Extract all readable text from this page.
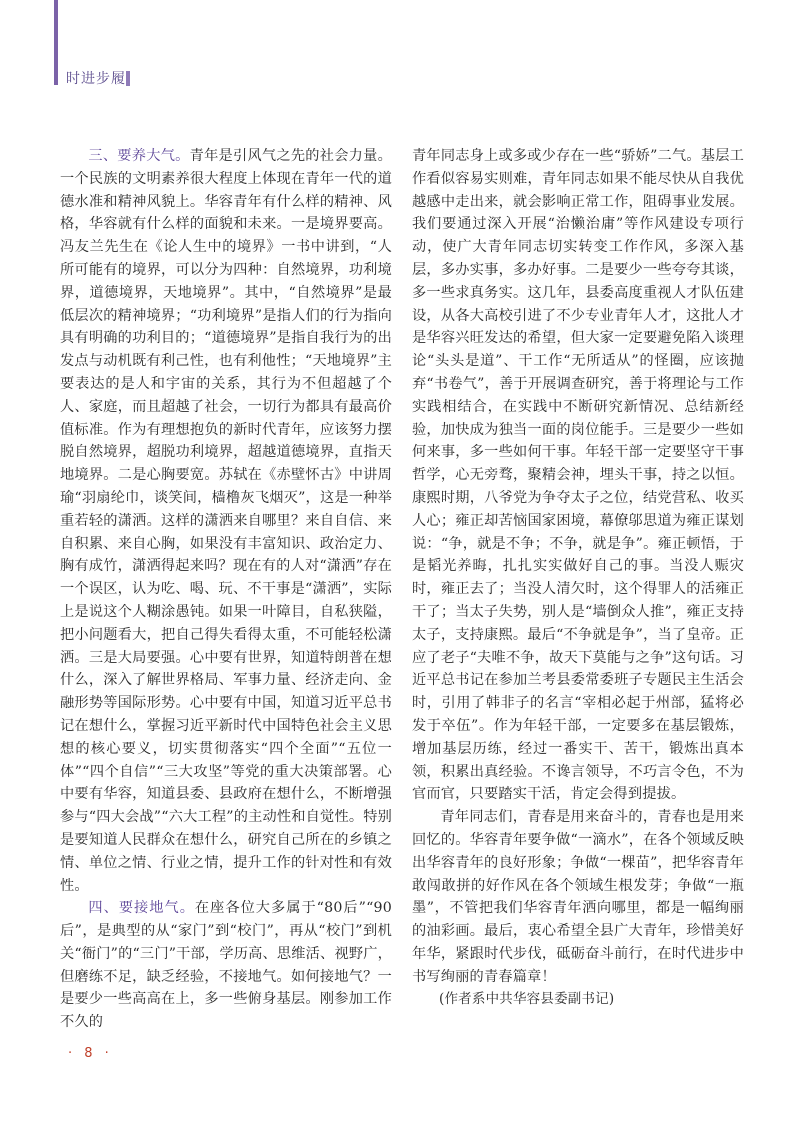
时进步履

三、要养大气。青年是引风气之先的社会力量。一个民族的文明素养很大程度上体现在青年一代的道德水准和精神风貌上。华容青年有什么样的精神、风格，华容就有什么样的面貌和未来。一是境界要高。冯友兰先生在《论人生中的境界》一书中讲到，“人所可能有的境界，可以分为四种：自然境界，功利境界，道德境界，天地境界”。其中，“自然境界”是最低层次的精神境界；“功利境界”是指人们的行为指向具有明确的功利目的；“道德境界”是指自我行为的出发点与动机既有利己性，也有利他性；“天地境界”主要表达的是人和宇宙的关系，其行为不但超越了个人、家庭，而且超越了社会，一切行为都具有最高价值标准。作为有理想抱负的新时代青年，应该努力摆脱自然境界，超脱功利境界，超越道德境界，直指天地境界。二是心胸要宽。苏轼在《赤壁怀古》中讲周瑜“羽扇纶巾，谈笑间，樯橹灰飞烟灭”，这是一种举重若轻的潇洒。这样的潇洒来自哪里？来自自信、来自积累、来自心胸，如果没有丰富知识、政治定力、胸有成竹，潇洒得起来吗？现在有的人对“潇洒”存在一个误区，认为吃、喝、玩、不干事是“潇洒”，实际上是说这个人糊涂愚钝。如果一叶障目，自私狭隘，把小问题看大，把自己得失看得太重，不可能轻松潇洒。三是大局要强。心中要有世界，知道特朗普在想什么，深入了解世界格局、军事力量、经济走向、金融形势等国际形势。心中要有中国，知道习近平总书记在想什么，掌握习近平新时代中国特色社会主义思想的核心要义，切实贯彻落实“四个全面”“五位一体”“四个自信”“三大攻坚”等党的重大决策部署。心中要有华容，知道县委、县政府在想什么，不断增强参与“四大会战”“六大工程”的主动性和自觉性。特别是要知道人民群众在想什么，研究自己所在的乡镇之情、单位之情、行业之情，提升工作的针对性和有效性。

四、要接地气。在座各位大多属于“80后”“90后”，是典型的从“家门”到“校门”，再从“校门”到机关“衙门”的“三门”干部，学历高、思维活、视野广，但磨练不足，缺乏经验，不接地气。如何接地气？一是要少一些高高在上，多一些俯身基层。刚参加工作不久的

青年同志身上或多或少存在一些“骄娇”二气。基层工作看似容易实则难，青年同志如果不能尽快从自我优越感中走出来，就会影响正常工作，阻碍事业发展。我们要通过深入开展“治懒治庸”等作风建设专项行动，使广大青年同志切实转变工作作风，多深入基层，多办实事，多办好事。二是要少一些夸夸其谈，多一些求真务实。这几年，县委高度重视人才队伍建设，从各大高校引进了不少专业青年人才，这批人才是华容兴旺发达的希望，但大家一定要避免陷入谈理论“头头是道”、干工作“无所适从”的怪圈，应该抛弃“书卷气”，善于开展调查研究，善于将理论与工作实践相结合，在实践中不断研究新情况、总结新经验，加快成为独当一面的岗位能手。三是要少一些如何来事，多一些如何干事。年轻干部一定要坚守干事哲学，心无旁骛，聚精会神，埋头干事，持之以恒。康熙时期，八爷党为争夺太子之位，结党营私、收买人心；雍正却苦恼国家困境，幕僚邬思道为雍正谋划说：“争，就是不争；不争，就是争”。雍正顿悟，于是韬光养晦，扎扎实实做好自己的事。当没人赈灾时，雍正去了；当没人清欠时，这个得罪人的活雍正干了；当太子失势，别人是“墙倒众人推”，雍正支持太子，支持康熙。最后“不争就是争”，当了皇帝。正应了老子“夫唯不争，故天下莫能与之争”这句话。习近平总书记在参加兰考县委常委班子专题民主生活会时，引用了韩非子的名言“宰相必起于州部，猛将必发于卒伍”。作为年轻干部，一定要多在基层锻炼，增加基层历练，经过一番实干、苦干，锻炼出真本领，积累出真经验。不谗言领导，不巧言令色，不为官而官，只要踏实干活，肯定会得到提拔。

青年同志们，青春是用来奋斗的，青春也是用来回忆的。华容青年要争做“一滴水”，在各个领域反映出华容青年的良好形象；争做“一棵苗”，把华容青年敢闯敢拼的好作风在各个领域生根发芽；争做“一瓶墨”，不管把我们华容青年洒向哪里，都是一幅绚丽的油彩画。最后，衷心希望全县广大青年，珍惜美好年华，紧跟时代步伐，砥砺奋斗前行，在时代进步中书写绚丽的青春篇章！

(作者系中共华容县委副书记)

· 8 ·
